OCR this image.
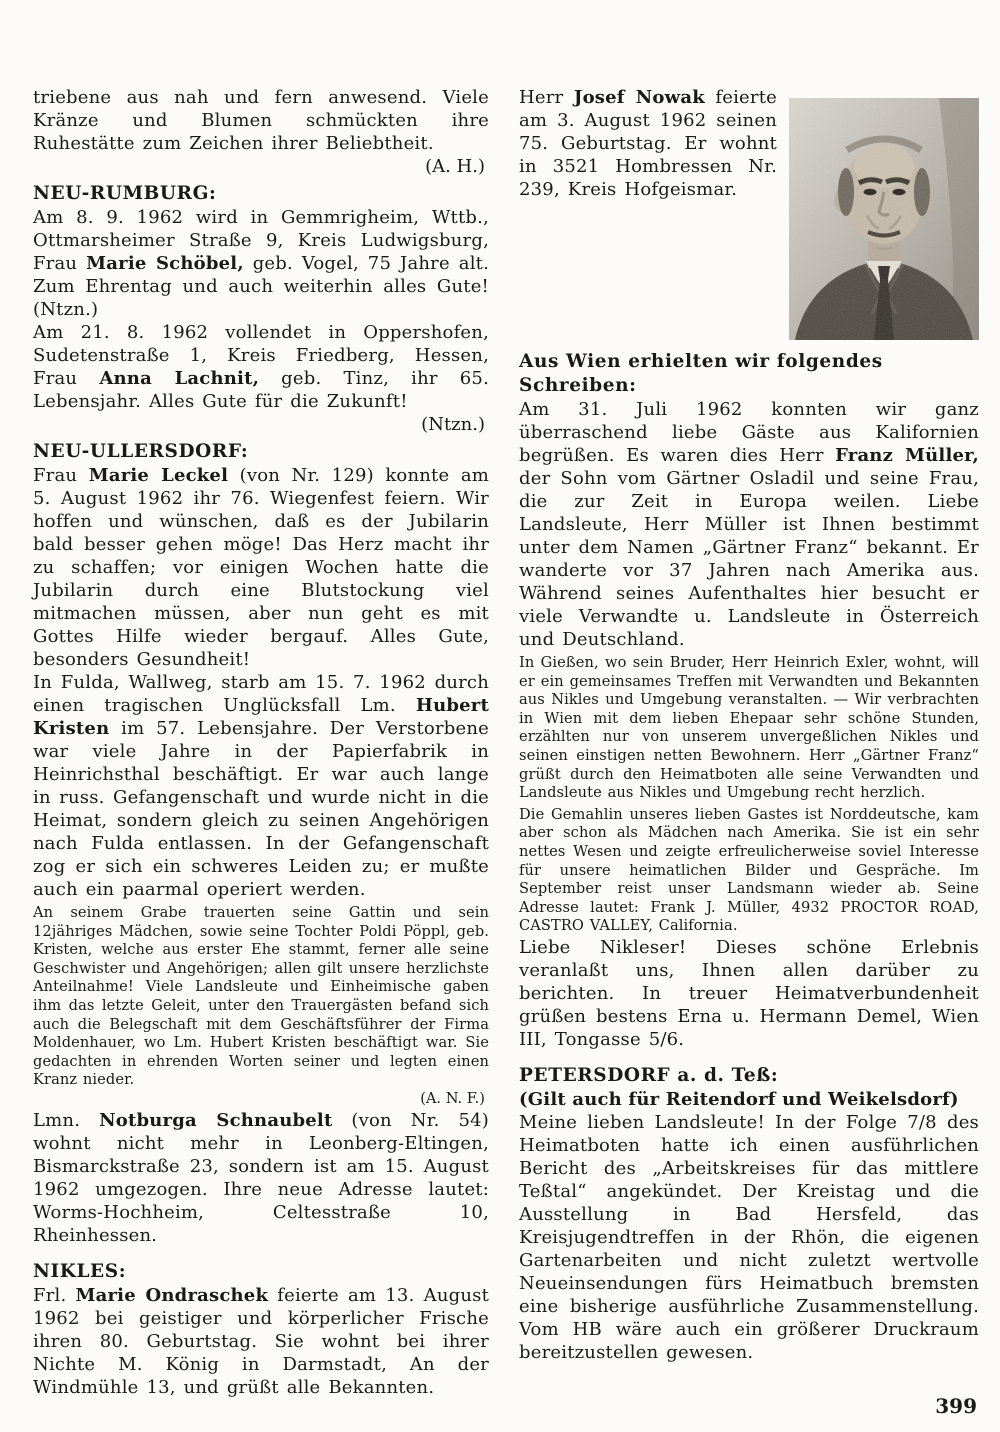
triebene aus nah und fern anwesend. Viele Kränze und Blumen schmückten ihre Ruhestätte zum Zeichen ihrer Beliebtheit.

(A. H.)
NEU-RUMBURG:

Am 8. 9. 1962 wird in Gemmrigheim, Wttb., Ottmarsheimer Straße 9, Kreis Ludwigsburg, Frau Marie Schöbel, geb. Vogel, 75 Jahre alt. Zum Ehrentag und auch weiterhin alles Gute! (Ntzn.)

Am 21. 8. 1962 vollendet in Oppershofen, Sudetenstraße 1, Kreis Friedberg, Hessen, Frau Anna Lachnit, geb. Tinz, ihr 65. Lebensjahr. Alles Gute für die Zukunft!

(Ntzn.)
NEU-ULLERSDORF:

Frau Marie Leckel (von Nr. 129) konnte am 5. August 1962 ihr 76. Wiegenfest feiern. Wir hoffen und wünschen, daß es der Jubilarin bald besser gehen möge! Das Herz macht ihr zu schaffen; vor einigen Wochen hatte die Jubilarin durch eine Blutstockung viel mitmachen müssen, aber nun geht es mit Gottes Hilfe wieder bergauf. Alles Gute, besonders Gesundheit!

In Fulda, Wallweg, starb am 15. 7. 1962 durch einen tragischen Unglücksfall Lm. Hubert Kristen im 57. Lebensjahre. Der Verstorbene war viele Jahre in der Papierfabrik in Heinrichsthal beschäftigt. Er war auch lange in russ. Gefangenschaft und wurde nicht in die Heimat, sondern gleich zu seinen Angehörigen nach Fulda entlassen. In der Gefangenschaft zog er sich ein schweres Leiden zu; er mußte auch ein paarmal operiert werden.

An seinem Grabe trauerten seine Gattin und sein 12jähriges Mädchen, sowie seine Tochter Poldi Pöppl, geb. Kristen, welche aus erster Ehe stammt, ferner alle seine Geschwister und Angehörigen; allen gilt unsere herzlichste Anteilnahme! Viele Landsleute und Einheimische gaben ihm das letzte Geleit, unter den Trauergästen befand sich auch die Belegschaft mit dem Geschäftsführer der Firma Moldenhauer, wo Lm. Hubert Kristen beschäftigt war. Sie gedachten in ehrenden Worten seiner und legten einen Kranz nieder.

(A. N. F.)

Lmn. Notburga Schnaubelt (von Nr. 54) wohnt nicht mehr in Leonberg-Eltingen, Bismarckstraße 23, sondern ist am 15. August 1962 umgezogen. Ihre neue Adresse lautet: Worms-Hochheim, Celtesstraße 10, Rheinhessen.

NIKLES:

Frl. Marie Ondraschek feierte am 13. August 1962 bei geistiger und körperlicher Frische ihren 80. Geburtstag. Sie wohnt bei ihrer Nichte M. König in Darmstadt, An der Windmühle 13, und grüßt alle Bekannten.

Herr Josef Nowak feierte am 3. August 1962 seinen 75. Geburtstag. Er wohnt in 3521 Hombressen Nr. 239, Kreis Hofgeismar.

Aus Wien erhielten wir folgendes Schreiben:

Am 31. Juli 1962 konnten wir ganz überraschend liebe Gäste aus Kalifornien begrüßen. Es waren dies Herr Franz Müller, der Sohn vom Gärtner Osladil und seine Frau, die zur Zeit in Europa weilen. Liebe Landsleute, Herr Müller ist Ihnen bestimmt unter dem Namen „Gärtner Franz“ bekannt. Er wanderte vor 37 Jahren nach Amerika aus. Während seines Aufenthaltes hier besucht er viele Verwandte u. Landsleute in Österreich und Deutschland.

In Gießen, wo sein Bruder, Herr Heinrich Exler, wohnt, will er ein gemeinsames Treffen mit Verwandten und Bekannten aus Nikles und Umgebung veranstalten. — Wir verbrachten in Wien mit dem lieben Ehepaar sehr schöne Stunden, erzählten nur von unserem unvergeßlichen Nikles und seinen einstigen netten Bewohnern. Herr „Gärtner Franz“ grüßt durch den Heimatboten alle seine Verwandten und Landsleute aus Nikles und Umgebung recht herzlich.

Die Gemahlin unseres lieben Gastes ist Norddeutsche, kam aber schon als Mädchen nach Amerika. Sie ist ein sehr nettes Wesen und zeigte erfreulicherweise soviel Interesse für unsere heimatlichen Bilder und Gespräche. Im September reist unser Landsmann wieder ab. Seine Adresse lautet: Frank J. Müller, 4932 PROCTOR ROAD, CASTRO VALLEY, California.

Liebe Nikleser! Dieses schöne Erlebnis veranlaßt uns, Ihnen allen darüber zu berichten. In treuer Heimatverbundenheit grüßen bestens Erna u. Hermann Demel, Wien III, Tongasse 5/6.

PETERSDORF a. d. Teß:
(Gilt auch für Reitendorf und Weikelsdorf)

Meine lieben Landsleute! In der Folge 7/8 des Heimatboten hatte ich einen ausführlichen Bericht des „Arbeitskreises für das mittlere Teßtal“ angekündet. Der Kreistag und die Ausstellung in Bad Hersfeld, das Kreisjugendtreffen in der Rhön, die eigenen Gartenarbeiten und nicht zuletzt wertvolle Neueinsendungen fürs Heimatbuch bremsten eine bisherige ausführliche Zusammenstellung. Vom HB wäre auch ein größerer Druckraum bereitzustellen gewesen.

399
